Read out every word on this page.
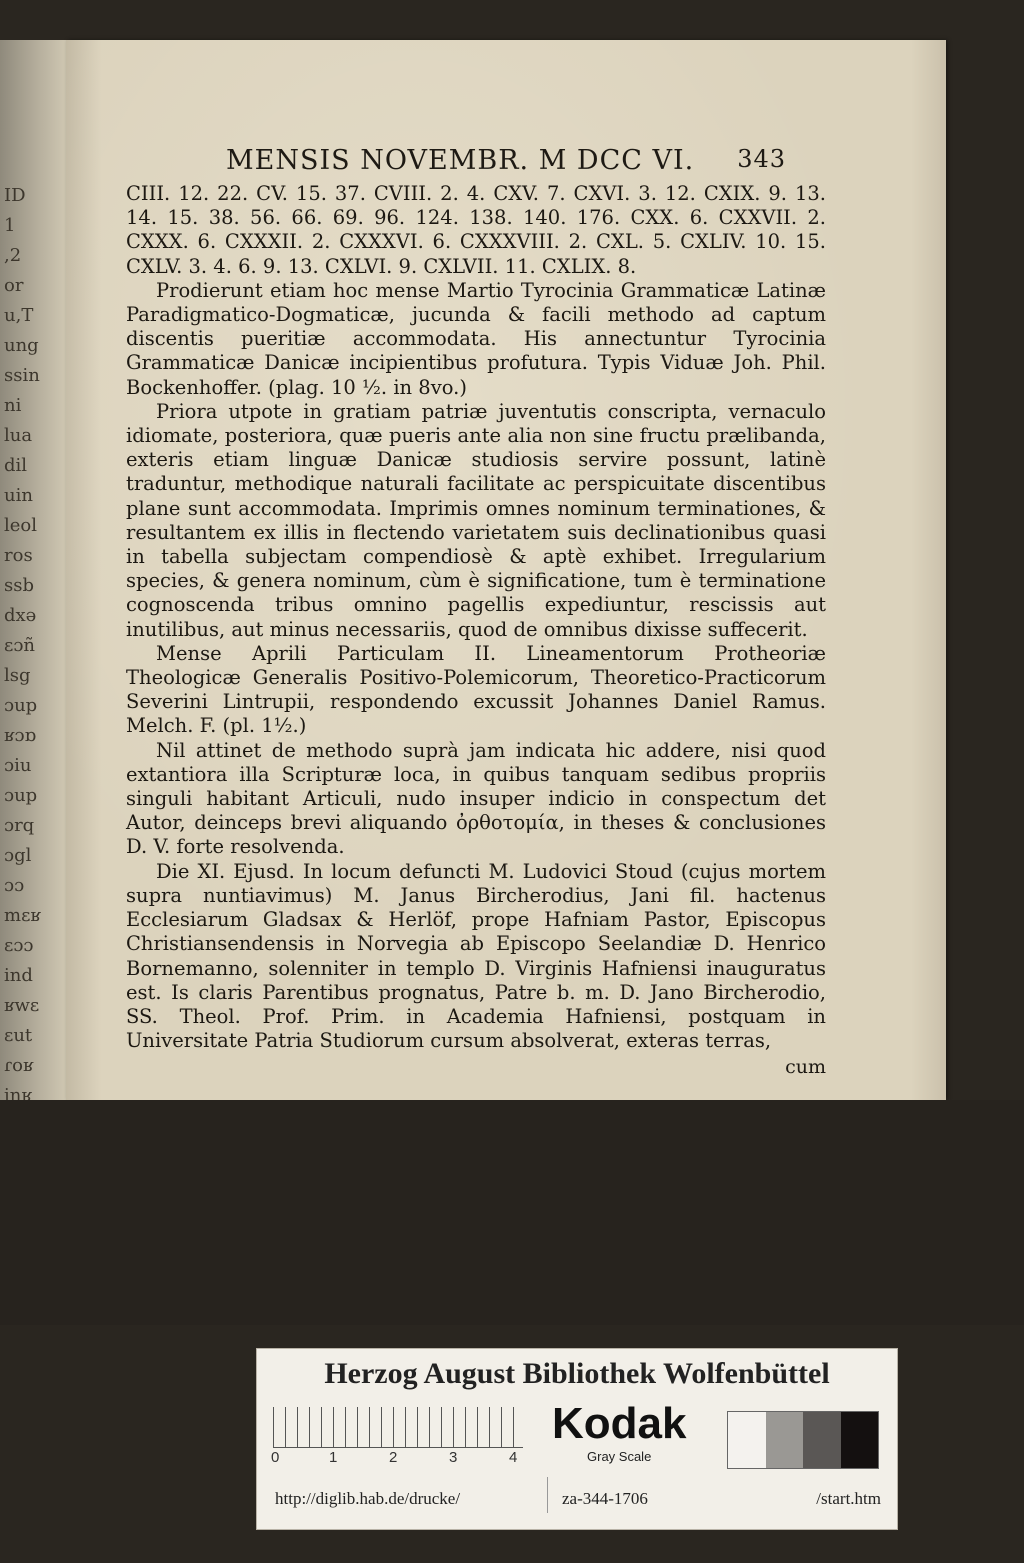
ID
1
,2
or
u,T
ung
ssin
ni
lua
dil
uin
leol
ros
ssb
dxə
ɛɔñ
lsg
ɔup
ʁɔɒ
ɔiu
ɔup
ɔrq
ɔgl
ɔɔ
mɛʁ
ɛɔɔ
ind
ʁwɛ
ɛut
ɾoʁ
inʁ
MENSIS NOVEMBR. M DCC VI. 343

CIII. 12. 22. CV. 15. 37. CVIII. 2. 4. CXV. 7. CXVI. 3. 12. CXIX. 9. 13. 14. 15. 38. 56. 66. 69. 96. 124. 138. 140. 176. CXX. 6. CXXVII. 2. CXXX. 6. CXXXII. 2. CXXXVI. 6. CXXXVIII. 2. CXL. 5. CXLIV. 10. 15. CXLV. 3. 4. 6. 9. 13. CXLVI. 9. CXLVII. 11. CXLIX. 8.

Prodierunt etiam hoc mense Martio Tyrocinia Grammaticæ Latinæ Paradigmatico-Dogmaticæ, jucunda & facili methodo ad captum discentis pueritiæ accommodata. His annectuntur Tyrocinia Grammaticæ Danicæ incipientibus profutura. Typis Viduæ Joh. Phil. Bockenhoffer. (plag. 10 ½. in 8vo.)

Priora utpote in gratiam patriæ juventutis conscripta, vernaculo idiomate, posteriora, quæ pueris ante alia non sine fructu prælibanda, exteris etiam linguæ Danicæ studiosis servire possunt, latinè traduntur, methodique naturali facilitate ac perspicuitate discentibus plane sunt accommodata. Imprimis omnes nominum terminationes, & resultantem ex illis in flectendo varietatem suis declinationibus quasi in tabella subjectam compendiosè & aptè exhibet. Irregularium species, & genera nominum, cùm è significatione, tum è terminatione cognoscenda tribus omnino pagellis expediuntur, rescissis aut inutilibus, aut minus necessariis, quod de omnibus dixisse suffecerit.

Mense Aprili Particulam II. Lineamentorum Protheoriæ Theologicæ Generalis Positivo-Polemicorum, Theoretico-Practicorum Severini Lintrupii, respondendo excussit Johannes Daniel Ramus. Melch. F. (pl. 1½.)

Nil attinet de methodo suprà jam indicata hic addere, nisi quod extantiora illa Scripturæ loca, in quibus tanquam sedibus propriis singuli habitant Articuli, nudo insuper indicio in conspectum det Autor, deinceps brevi aliquando ὀρθοτομία, in theses & conclusiones D. V. forte resolvenda.

Die XI. Ejusd. In locum defuncti M. Ludovici Stoud (cujus mortem supra nuntiavimus) M. Janus Bircherodius, Jani fil. hactenus Ecclesiarum Gladsax & Herlöf, prope Hafniam Pastor, Episcopus Christiansendensis in Norvegia ab Episcopo Seelandiæ D. Henrico Bornemanno, solenniter in templo D. Virginis Hafniensi inauguratus est. Is claris Parentibus prognatus, Patre b. m. D. Jano Bircherodio, SS. Theol. Prof. Prim. in Academia Hafniensi, postquam in Universitate Patria Studiorum cursum absolverat, exteras terras,

cum
Herzog August Bibliothek Wolfenbüttel
0	1	2	3	4
Kodak
Gray Scale
http://diglib.hab.de/drucke/	za-344-1706	/start.htm
